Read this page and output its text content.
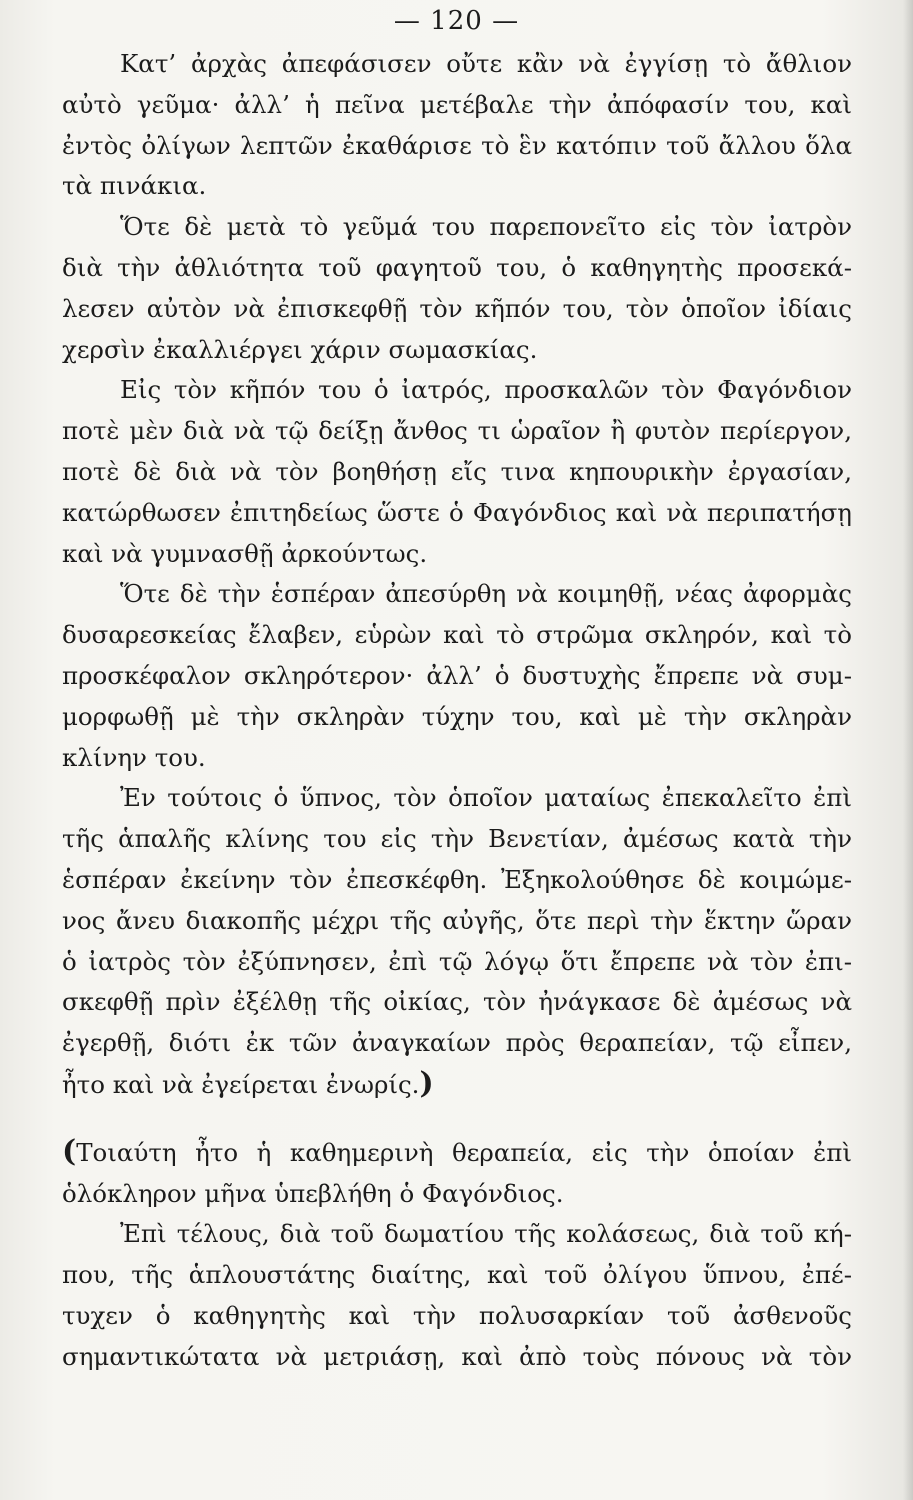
— 120 —
Κατ’ ἀρχὰς ἀπεφάσισεν οὔτε κἂν νὰ ἐγγίσῃ τὸ ἄθλιον
αὐτὸ γεῦμα· ἀλλ’ ἡ πεῖνα μετέβαλε τὴν ἀπόφασίν του, καὶ
ἐντὸς ὀλίγων λεπτῶν ἐκαθάρισε τὸ ἓν κατόπιν τοῦ ἄλλου ὅλα
τὰ πινάκια.
Ὅτε δὲ μετὰ τὸ γεῦμά του παρεπονεῖτο εἰς τὸν ἰατρὸν
διὰ τὴν ἀθλιότητα τοῦ φαγητοῦ του, ὁ καθηγητὴς προσεκά-
λεσεν αὐτὸν νὰ ἐπισκεφθῇ τὸν κῆπόν του, τὸν ὁποῖον ἰδίαις
χερσὶν ἐκαλλιέργει χάριν σωμασκίας.
Εἰς τὸν κῆπόν του ὁ ἰατρός, προσκαλῶν τὸν Φαγόνδιον
ποτὲ μὲν διὰ νὰ τῷ δείξῃ ἄνθος τι ὡραῖον ἢ φυτὸν περίεργον,
ποτὲ δὲ διὰ νὰ τὸν βοηθήσῃ εἴς τινα κηπουρικὴν ἐργασίαν,
κατώρθωσεν ἐπιτηδείως ὥστε ὁ Φαγόνδιος καὶ νὰ περιπατήσῃ
καὶ νὰ γυμνασθῇ ἀρκούντως.
Ὅτε δὲ τὴν ἑσπέραν ἀπεσύρθη νὰ κοιμηθῇ, νέας ἀφορμὰς
δυσαρεσκείας ἔλαβεν, εὑρὼν καὶ τὸ στρῶμα σκληρόν, καὶ τὸ
προσκέφαλον σκληρότερον· ἀλλ’ ὁ δυστυχὴς ἔπρεπε νὰ συμ-
μορφωθῇ μὲ τὴν σκληρὰν τύχην του, καὶ μὲ τὴν σκληρὰν
κλίνην του.
Ἐν τούτοις ὁ ὕπνος, τὸν ὁποῖον ματαίως ἐπεκαλεῖτο ἐπὶ
τῆς ἁπαλῆς κλίνης του εἰς τὴν Βενετίαν, ἀμέσως κατὰ τὴν
ἑσπέραν ἐκείνην τὸν ἐπεσκέφθη. Ἐξηκολούθησε δὲ κοιμώμε-
νος ἄνευ διακοπῆς μέχρι τῆς αὐγῆς, ὅτε περὶ τὴν ἕκτην ὥραν
ὁ ἰατρὸς τὸν ἐξύπνησεν, ἐπὶ τῷ λόγῳ ὅτι ἔπρεπε νὰ τὸν ἐπι-
σκεφθῇ πρὶν ἐξέλθῃ τῆς οἰκίας, τὸν ἠνάγκασε δὲ ἀμέσως νὰ
ἐγερθῇ, διότι ἐκ τῶν ἀναγκαίων πρὸς θεραπείαν, τῷ εἶπεν,
ἦτο καὶ νὰ ἐγείρεται ἐνωρίς.)
(Τοιαύτη ἦτο ἡ καθημερινὴ θεραπεία, εἰς τὴν ὁποίαν ἐπὶ
ὁλόκληρον μῆνα ὑπεβλήθη ὁ Φαγόνδιος.
Ἐπὶ τέλους, διὰ τοῦ δωματίου τῆς κολάσεως, διὰ τοῦ κή-
που, τῆς ἁπλουστάτης διαίτης, καὶ τοῦ ὀλίγου ὕπνου, ἐπέ-
τυχεν ὁ καθηγητὴς καὶ τὴν πολυσαρκίαν τοῦ ἀσθενοῦς
σημαντικώτατα νὰ μετριάσῃ, καὶ ἀπὸ τοὺς πόνους νὰ τὸν
